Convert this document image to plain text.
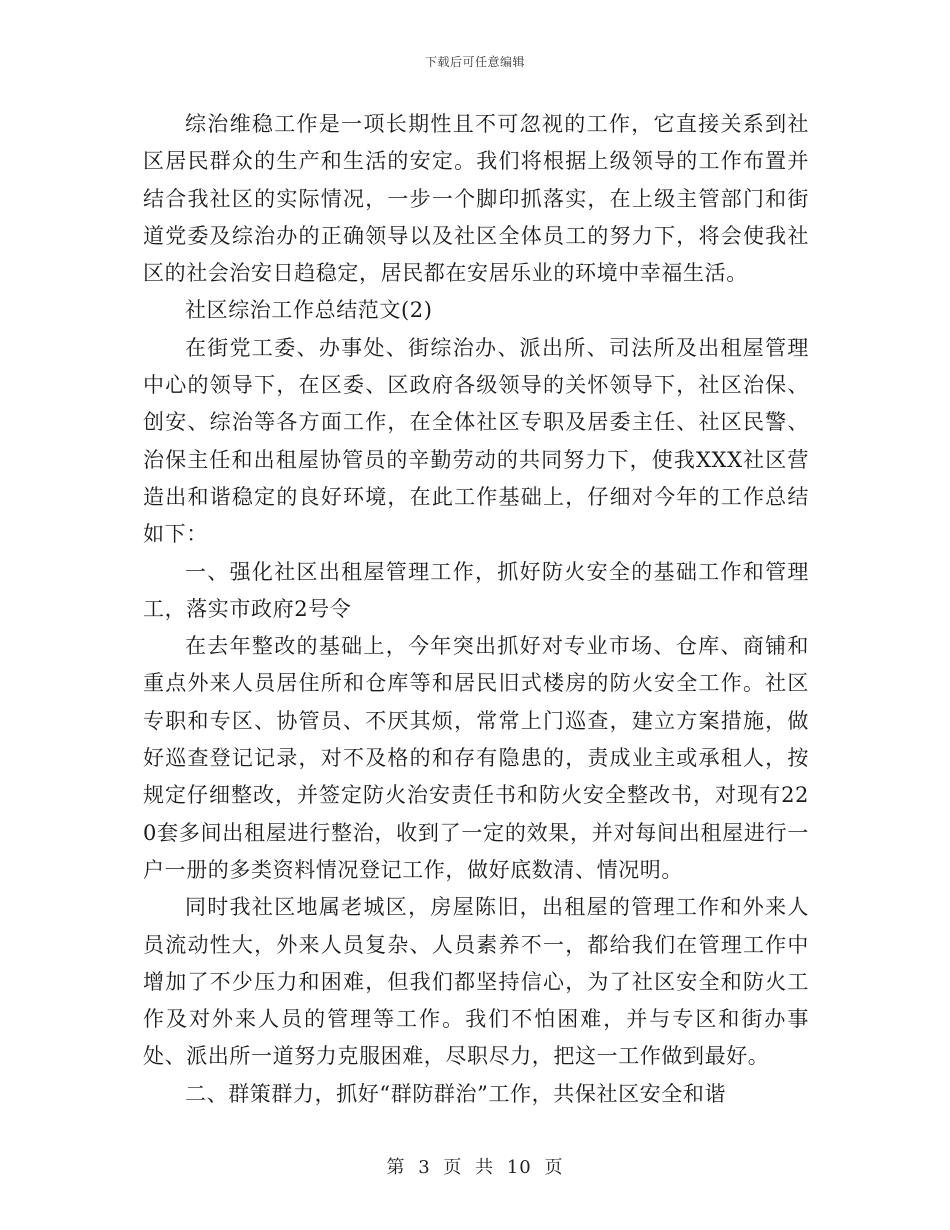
下载后可任意编辑

综治维稳工作是一项长期性且不可忽视的工作，它直接关系到社区居民群众的生产和生活的安定。我们将根据上级领导的工作布置并结合我社区的实际情况，一步一个脚印抓落实，在上级主管部门和街道党委及综治办的正确领导以及社区全体员工的努力下，将会使我社区的社会治安日趋稳定，居民都在安居乐业的环境中幸福生活。

社区综治工作总结范文(2)

在街党工委、办事处、街综治办、派出所、司法所及出租屋管理中心的领导下，在区委、区政府各级领导的关怀领导下，社区治保、创安、综治等各方面工作，在全体社区专职及居委主任、社区民警、治保主任和出租屋协管员的辛勤劳动的共同努力下，使我XXX社区营造出和谐稳定的良好环境，在此工作基础上，仔细对今年的工作总结如下：

一、强化社区出租屋管理工作，抓好防火安全的基础工作和管理工，落实市政府2号令

在去年整改的基础上，今年突出抓好对专业市场、仓库、商铺和重点外来人员居住所和仓库等和居民旧式楼房的防火安全工作。社区专职和专区、协管员、不厌其烦，常常上门巡查，建立方案措施，做好巡查登记记录，对不及格的和存有隐患的，责成业主或承租人，按规定仔细整改，并签定防火治安责任书和防火安全整改书，对现有220套多间出租屋进行整治，收到了一定的效果，并对每间出租屋进行一户一册的多类资料情况登记工作，做好底数清、情况明。

同时我社区地属老城区，房屋陈旧，出租屋的管理工作和外来人员流动性大，外来人员复杂、人员素养不一，都给我们在管理工作中增加了不少压力和困难，但我们都坚持信心，为了社区安全和防火工作及对外来人员的管理等工作。我们不怕困难，并与专区和街办事处、派出所一道努力克服困难，尽职尽力，把这一工作做到最好。

二、群策群力，抓好“群防群治”工作，共保社区安全和谐

第 3 页 共 10 页
